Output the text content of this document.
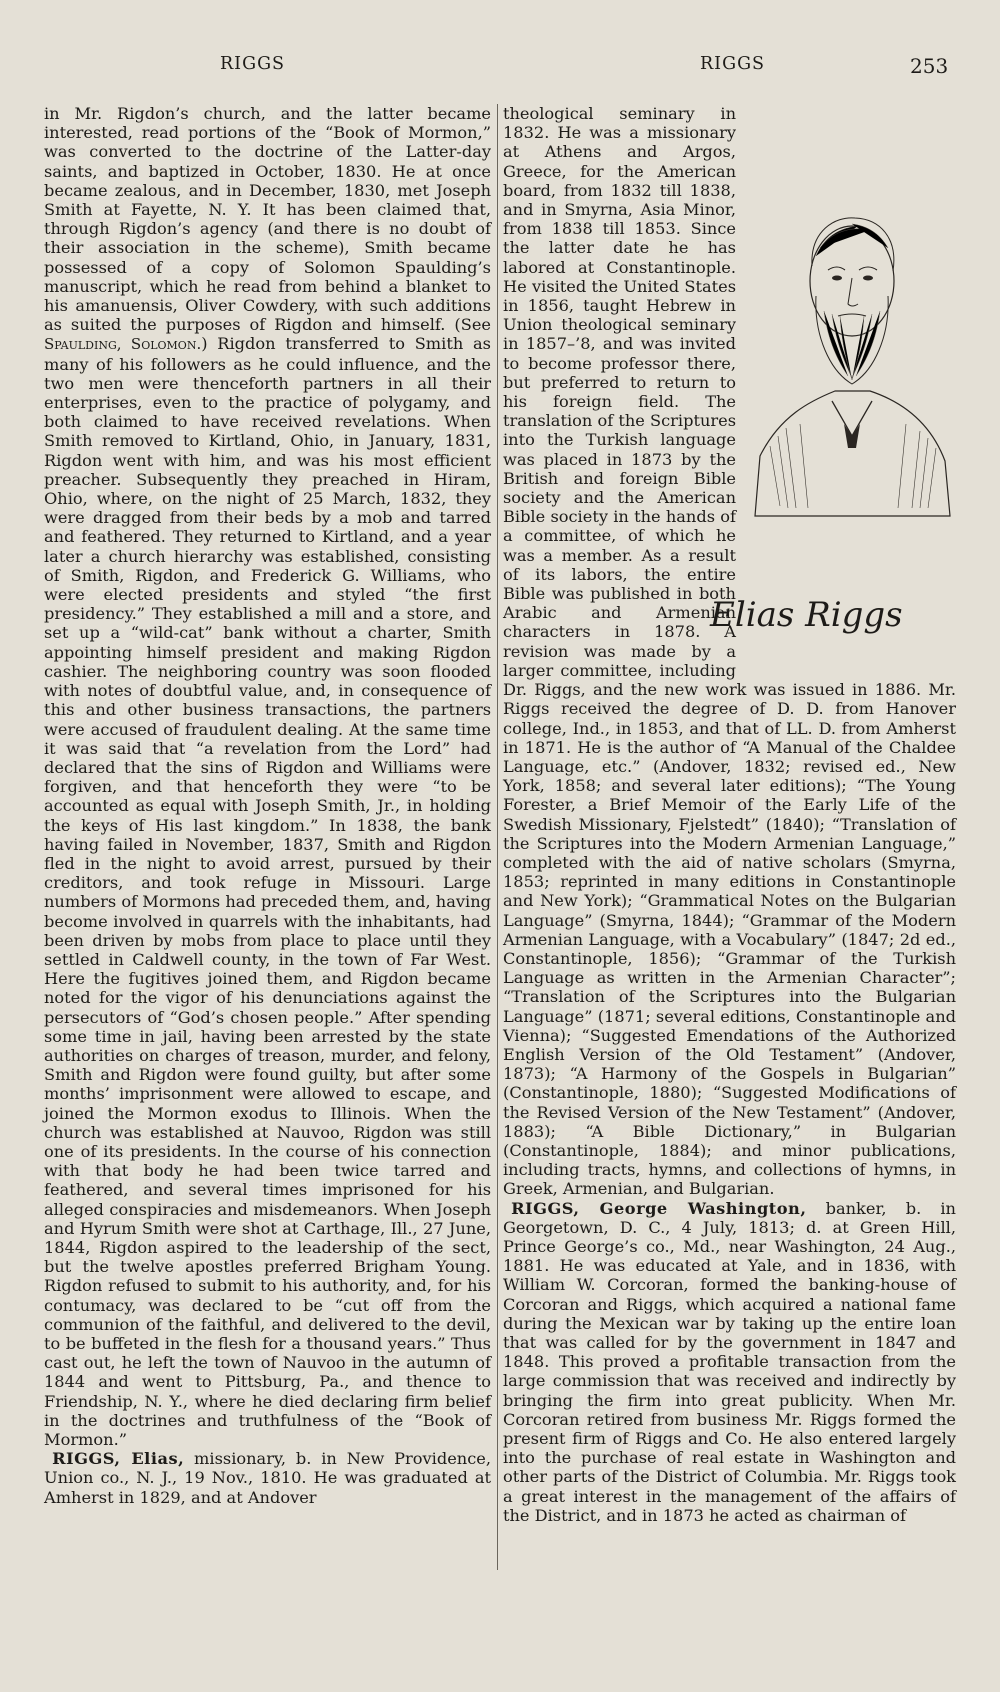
RIGGS	RIGGS	253

in Mr. Rigdon’s church, and the latter became interested, read portions of the “Book of Mormon,” was converted to the doctrine of the Latter-day saints, and baptized in October, 1830. He at once became zealous, and in December, 1830, met Joseph Smith at Fayette, N. Y. It has been claimed that, through Rigdon’s agency (and there is no doubt of their association in the scheme), Smith became possessed of a copy of Solomon Spaulding’s manuscript, which he read from behind a blanket to his amanuensis, Oliver Cowdery, with such additions as suited the purposes of Rigdon and himself. (See Spaulding, Solomon.) Rigdon transferred to Smith as many of his followers as he could influence, and the two men were thenceforth partners in all their enterprises, even to the practice of polygamy, and both claimed to have received revelations. When Smith removed to Kirtland, Ohio, in January, 1831, Rigdon went with him, and was his most efficient preacher. Subsequently they preached in Hiram, Ohio, where, on the night of 25 March, 1832, they were dragged from their beds by a mob and tarred and feathered. They returned to Kirtland, and a year later a church hierarchy was established, consisting of Smith, Rigdon, and Frederick G. Williams, who were elected presidents and styled “the first presidency.” They established a mill and a store, and set up a “wild-cat” bank without a charter, Smith appointing himself president and making Rigdon cashier. The neighboring country was soon flooded with notes of doubtful value, and, in consequence of this and other business transactions, the partners were accused of fraudulent dealing. At the same time it was said that “a revelation from the Lord” had declared that the sins of Rigdon and Williams were forgiven, and that henceforth they were “to be accounted as equal with Joseph Smith, Jr., in holding the keys of His last kingdom.” In 1838, the bank having failed in November, 1837, Smith and Rigdon fled in the night to avoid arrest, pursued by their creditors, and took refuge in Missouri. Large numbers of Mormons had preceded them, and, having become involved in quarrels with the inhabitants, had been driven by mobs from place to place until they settled in Caldwell county, in the town of Far West. Here the fugitives joined them, and Rigdon became noted for the vigor of his denunciations against the persecutors of “God’s chosen people.” After spending some time in jail, having been arrested by the state authorities on charges of treason, murder, and felony, Smith and Rigdon were found guilty, but after some months’ imprisonment were allowed to escape, and joined the Mormon exodus to Illinois. When the church was established at Nauvoo, Rigdon was still one of its presidents. In the course of his connection with that body he had been twice tarred and feathered, and several times imprisoned for his alleged conspiracies and misdemeanors. When Joseph and Hyrum Smith were shot at Carthage, Ill., 27 June, 1844, Rigdon aspired to the leadership of the sect, but the twelve apostles preferred Brigham Young. Rigdon refused to submit to his authority, and, for his contumacy, was declared to be “cut off from the communion of the faithful, and delivered to the devil, to be buffeted in the flesh for a thousand years.” Thus cast out, he left the town of Nauvoo in the autumn of 1844 and went to Pittsburg, Pa., and thence to Friendship, N. Y., where he died declaring firm belief in the doctrines and truthfulness of the “Book of Mormon.”

 RIGGS, Elias, missionary, b. in New Providence, Union co., N. J., 19 Nov., 1810. He was graduated at Amherst in 1829, and at Andover

Elias Riggs

theological seminary in 1832. He was a missionary at Athens and Argos, Greece, for the American board, from 1832 till 1838, and in Smyrna, Asia Minor, from 1838 till 1853. Since the latter date he has labored at Constantinople. He visited the United States in 1856, taught Hebrew in Union theological seminary in 1857–’8, and was invited to become professor there, but preferred to return to his foreign field. The translation of the Scriptures into the Turkish language was placed in 1873 by the British and foreign Bible society and the American Bible society in the hands of a committee, of which he was a member. As a result of its labors, the entire Bible was published in both Arabic and Armenian characters in 1878. A revision was made by a larger committee, including Dr. Riggs, and the new work was issued in 1886. Mr. Riggs received the degree of D. D. from Hanover college, Ind., in 1853, and that of LL. D. from Amherst in 1871. He is the author of “A Manual of the Chaldee Language, etc.” (Andover, 1832; revised ed., New York, 1858; and several later editions); “The Young Forester, a Brief Memoir of the Early Life of the Swedish Missionary, Fjelstedt” (1840); “Translation of the Scriptures into the Modern Armenian Language,” completed with the aid of native scholars (Smyrna, 1853; reprinted in many editions in Constantinople and New York); “Grammatical Notes on the Bulgarian Language” (Smyrna, 1844); “Grammar of the Modern Armenian Language, with a Vocabulary” (1847; 2d ed., Constantinople, 1856); “Grammar of the Turkish Language as written in the Armenian Character”; “Translation of the Scriptures into the Bulgarian Language” (1871; several editions, Constantinople and Vienna); “Suggested Emendations of the Authorized English Version of the Old Testament” (Andover, 1873); “A Harmony of the Gospels in Bulgarian” (Constantinople, 1880); “Suggested Modifications of the Revised Version of the New Testament” (Andover, 1883); “A Bible Dictionary,” in Bulgarian (Constantinople, 1884); and minor publications, including tracts, hymns, and collections of hymns, in Greek, Armenian, and Bulgarian.

 RIGGS, George Washington, banker, b. in Georgetown, D. C., 4 July, 1813; d. at Green Hill, Prince George’s co., Md., near Washington, 24 Aug., 1881. He was educated at Yale, and in 1836, with William W. Corcoran, formed the banking-house of Corcoran and Riggs, which acquired a national fame during the Mexican war by taking up the entire loan that was called for by the government in 1847 and 1848. This proved a profitable transaction from the large commission that was received and indirectly by bringing the firm into great publicity. When Mr. Corcoran retired from business Mr. Riggs formed the present firm of Riggs and Co. He also entered largely into the purchase of real estate in Washington and other parts of the District of Columbia. Mr. Riggs took a great interest in the management of the affairs of the District, and in 1873 he acted as chairman of
